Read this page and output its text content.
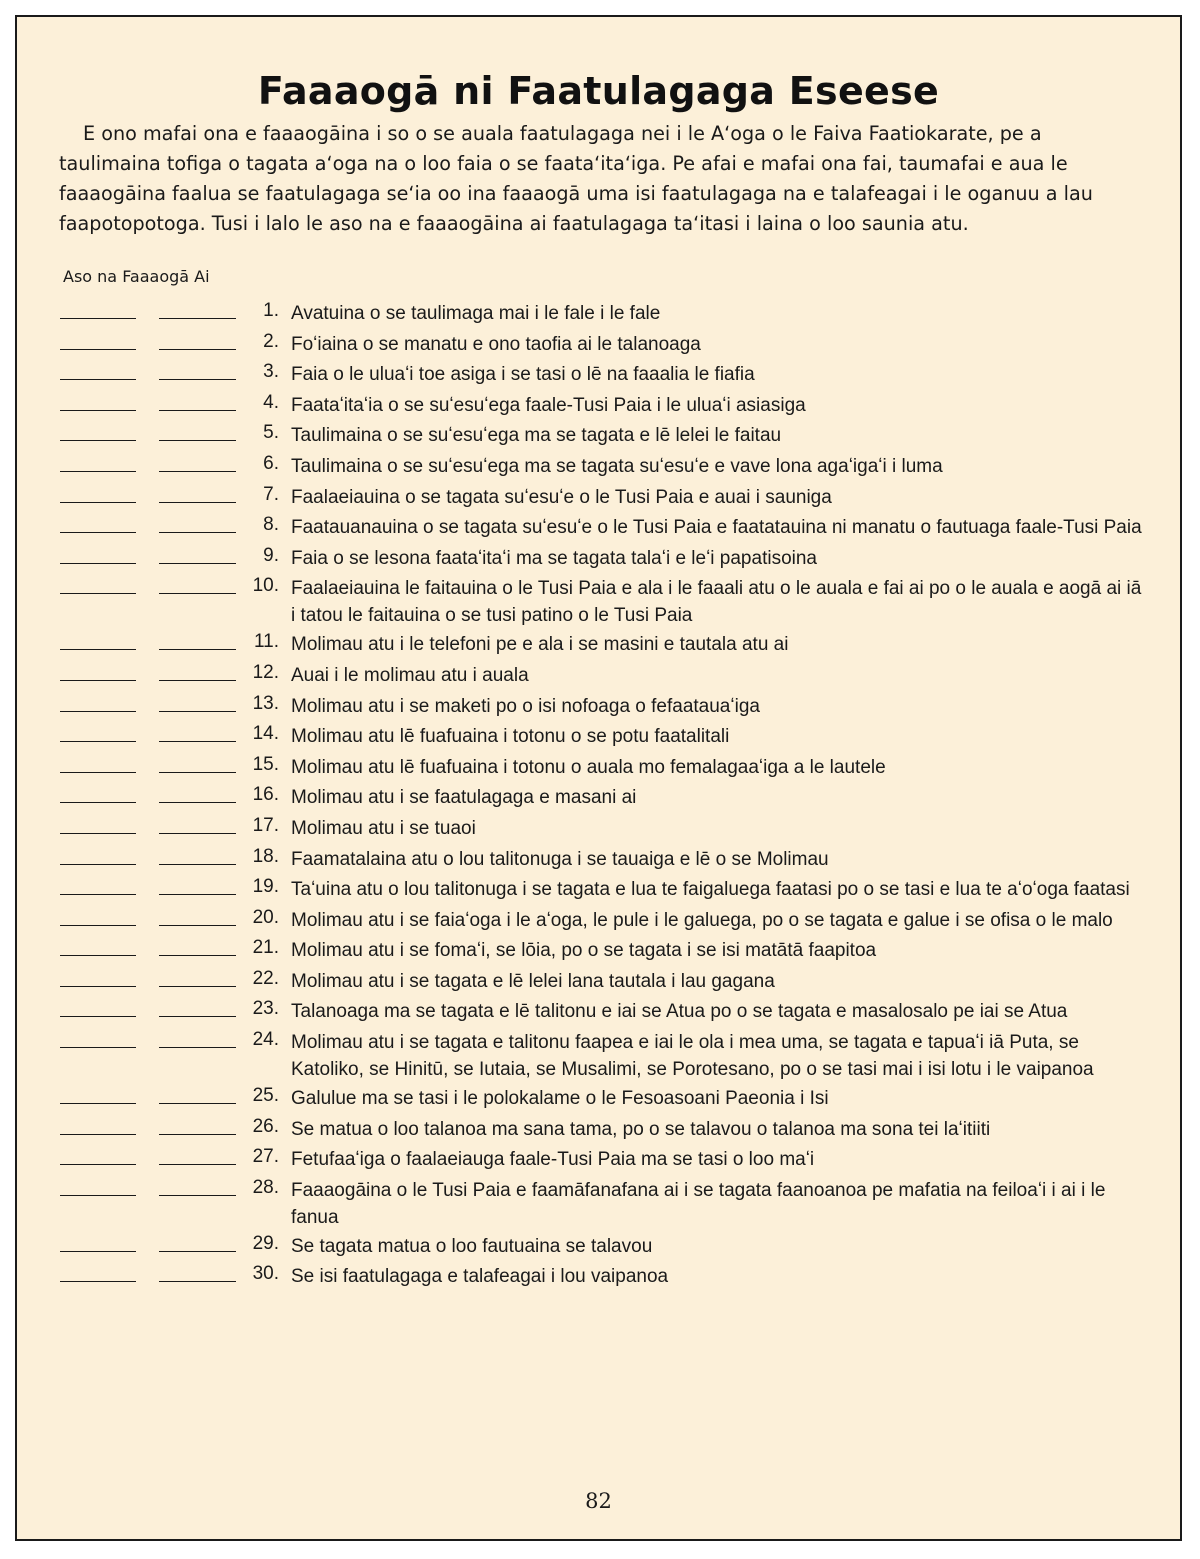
Faaaogā ni Faatulagaga Eseese

E ono mafai ona e faaaogāina i so o se auala faatulagaga nei i le Aʻoga o le Faiva Faatiokarate, pe a taulimaina tofiga o tagata aʻoga na o loo faia o se faataʻitaʻiga. Pe afai e mafai ona fai, taumafai e aua le faaaogāina faalua se faatulagaga seʻia oo ina faaaogā uma isi faatulagaga na e talafeagai i le oganuu a lau faapotopotoga. Tusi i lalo le aso na e faaaogāina ai faatulagaga taʻitasi i laina o loo saunia atu.

Aso na Faaaogā Ai
1. Avatuina o se taulimaga mai i le fale i le fale
2. Foʻiaina o se manatu e ono taofia ai le talanoaga
3. Faia o le uluaʻi toe asiga i se tasi o lē na faaalia le fiafia
4. Faataʻitaʻia o se suʻesuʻega faale-Tusi Paia i le uluaʻi asiasiga
5. Taulimaina o se suʻesuʻega ma se tagata e lē lelei le faitau
6. Taulimaina o se suʻesuʻega ma se tagata suʻesuʻe e vave lona agaʻigaʻi i luma
7. Faalaeiauina o se tagata suʻesuʻe o le Tusi Paia e auai i sauniga
8. Faatauanauina o se tagata suʻesuʻe o le Tusi Paia e faatatauina ni manatu o fautuaga faale-Tusi Paia
9. Faia o se lesona faataʻitaʻi ma se tagata talaʻi e leʻi papatisoina
10. Faalaeiauina le faitauina o le Tusi Paia e ala i le faaali atu o le auala e fai ai po o le auala e aogā ai iā i tatou le faitauina o se tusi patino o le Tusi Paia
11. Molimau atu i le telefoni pe e ala i se masini e tautala atu ai
12. Auai i le molimau atu i auala
13. Molimau atu i se maketi po o isi nofoaga o fefaatauaʻiga
14. Molimau atu lē fuafuaina i totonu o se potu faatalitali
15. Molimau atu lē fuafuaina i totonu o auala mo femalagaaʻiga a le lautele
16. Molimau atu i se faatulagaga e masani ai
17. Molimau atu i se tuaoi
18. Faamatalaina atu o lou talitonuga i se tauaiga e lē o se Molimau
19. Taʻuina atu o lou talitonuga i se tagata e lua te faigaluega faatasi po o se tasi e lua te aʻoʻoga faatasi
20. Molimau atu i se faiaʻoga i le aʻoga, le pule i le galuega, po o se tagata e galue i se ofisa o le malo
21. Molimau atu i se fomaʻi, se lōia, po o se tagata i se isi matātā faapitoa
22. Molimau atu i se tagata e lē lelei lana tautala i lau gagana
23. Talanoaga ma se tagata e lē talitonu e iai se Atua po o se tagata e masalosalo pe iai se Atua
24. Molimau atu i se tagata e talitonu faapea e iai le ola i mea uma, se tagata e tapuaʻi iā Puta, se Katoliko, se Hinitū, se Iutaia, se Musalimi, se Porotesano, po o se tasi mai i isi lotu i le vaipanoa
25. Galulue ma se tasi i le polokalame o le Fesoasoani Paeonia i Isi
26. Se matua o loo talanoa ma sana tama, po o se talavou o talanoa ma sona tei laʻitiiti
27. Fetufaaʻiga o faalaeiauga faale-Tusi Paia ma se tasi o loo maʻi
28. Faaaogāina o le Tusi Paia e faamāfanafana ai i se tagata faanoanoa pe mafatia na feiloaʻi i ai i le fanua
29. Se tagata matua o loo fautuaina se talavou
30. Se isi faatulagaga e talafeagai i lou vaipanoa
82
